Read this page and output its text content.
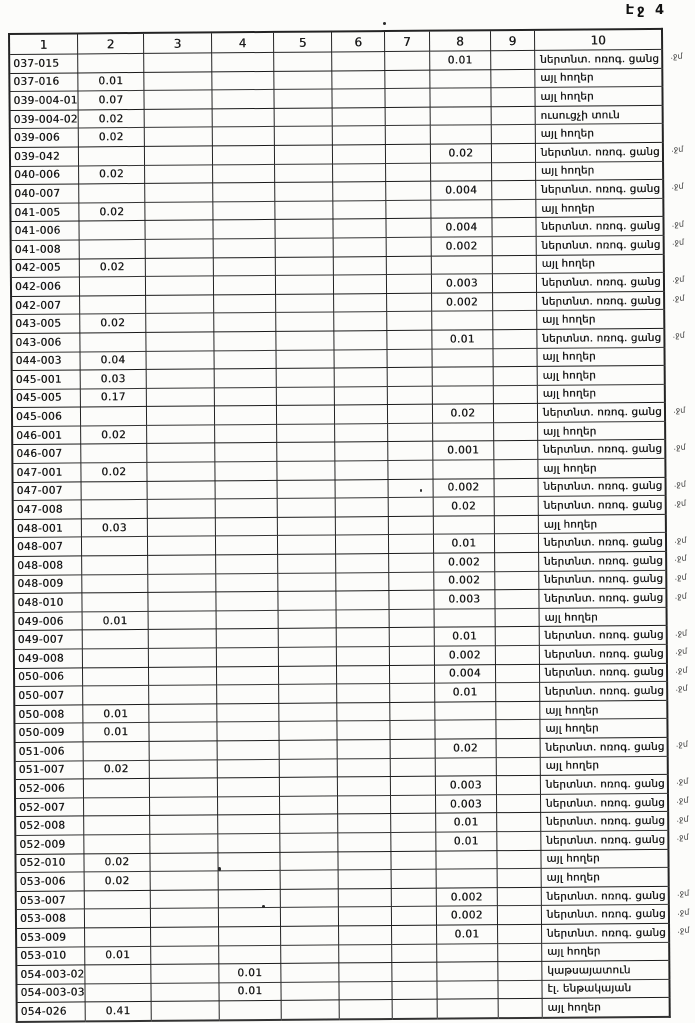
Էջ 4
1	2	3	4	5	6	7	8	9	10	
037-015							0.01		ներտնտ. ոռոգ. ցանց	.ջմ
037-016	0.01								այլ հողեր	
039-004-01	0.07								այլ հողեր	
039-004-02	0.02								ուսուցչի տուն	
039-006	0.02								այլ հողեր	
039-042							0.02		ներտնտ. ոռոգ. ցանց	.ջմ
040-006	0.02								այլ հողեր	
040-007							0.004		ներտնտ. ոռոգ. ցանց	.ջմ
041-005	0.02								այլ հողեր	
041-006							0.004		ներտնտ. ոռոգ. ցանց	.ջմ
041-008							0.002		ներտնտ. ոռոգ. ցանց	.ջմ
042-005	0.02								այլ հողեր	
042-006							0.003		ներտնտ. ոռոգ. ցանց	.ջմ
042-007							0.002		ներտնտ. ոռոգ. ցանց	.ջմ
043-005	0.02								այլ հողեր	
043-006							0.01		ներտնտ. ոռոգ. ցանց	.ջմ
044-003	0.04								այլ հողեր	
045-001	0.03								այլ հողեր	
045-005	0.17								այլ հողեր	
045-006							0.02		ներտնտ. ոռոգ. ցանց	.ջմ
046-001	0.02								այլ հողեր	
046-007							0.001		ներտնտ. ոռոգ. ցանց	.ջմ
047-001	0.02								այլ հողեր	
047-007							0.002		ներտնտ. ոռոգ. ցանց	.ջմ
047-008							0.02		ներտնտ. ոռոգ. ցանց	.ջմ
048-001	0.03								այլ հողեր	
048-007							0.01		ներտնտ. ոռոգ. ցանց	.ջմ
048-008							0.002		ներտնտ. ոռոգ. ցանց	.ջմ
048-009							0.002		ներտնտ. ոռոգ. ցանց	.ջմ
048-010							0.003		ներտնտ. ոռոգ. ցանց	.ջմ
049-006	0.01								այլ հողեր	
049-007							0.01		ներտնտ. ոռոգ. ցանց	.ջմ
049-008							0.002		ներտնտ. ոռոգ. ցանց	.ջմ
050-006							0.004		ներտնտ. ոռոգ. ցանց	.ջմ
050-007							0.01		ներտնտ. ոռոգ. ցանց	.ջմ
050-008	0.01								այլ հողեր	
050-009	0.01								այլ հողեր	
051-006							0.02		ներտնտ. ոռոգ. ցանց	.ջմ
051-007	0.02								այլ հողեր	
052-006							0.003		ներտնտ. ոռոգ. ցանց	.ջմ
052-007							0.003		ներտնտ. ոռոգ. ցանց	.ջմ
052-008							0.01		ներտնտ. ոռոգ. ցանց	.ջմ
052-009							0.01		ներտնտ. ոռոգ. ցանց	.ջմ
052-010	0.02								այլ հողեր	
053-006	0.02								այլ հողեր	
053-007							0.002		ներտնտ. ոռոգ. ցանց	.ջմ
053-008							0.002		ներտնտ. ոռոգ. ցանց	.ջմ
053-009							0.01		ներտնտ. ոռոգ. ցանց	.ջմ
053-010	0.01								այլ հողեր	
054-003-02			0.01						կաթսայատուն	
054-003-03			0.01						էլ. ենթակայան	
054-026	0.41								այլ հողեր	
